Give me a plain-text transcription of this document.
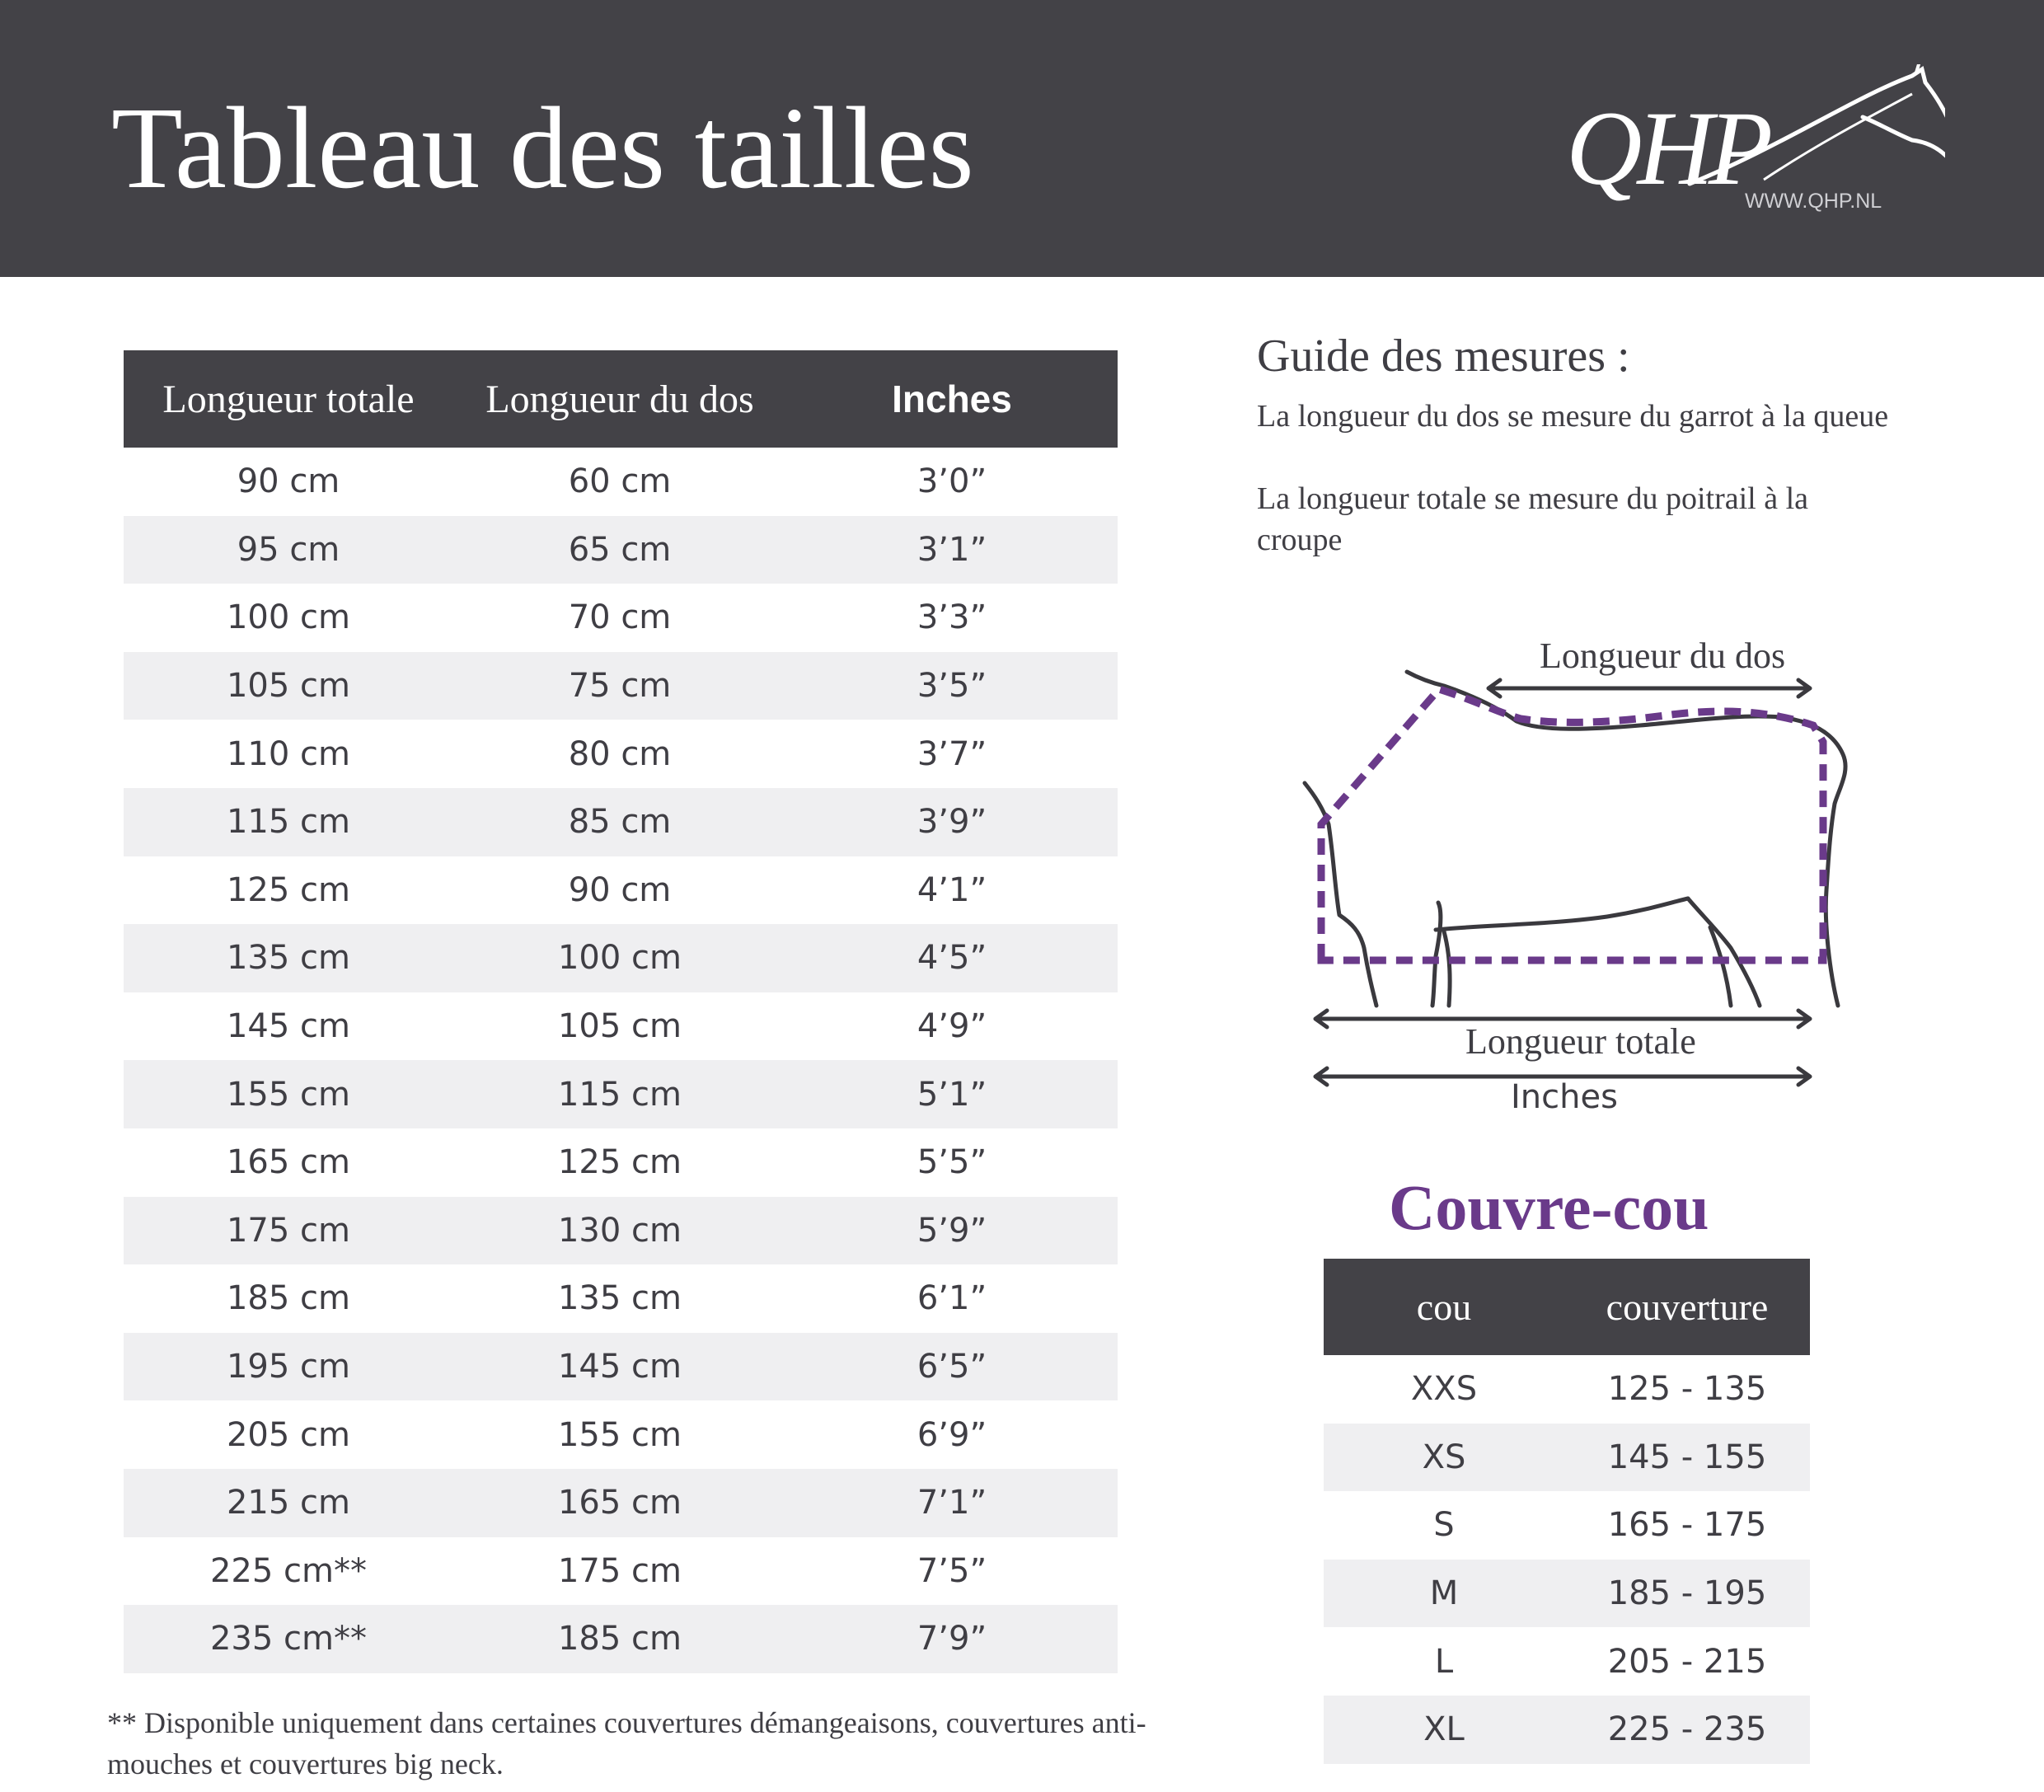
Tableau des tailles	QHP
WWW.QHP.NL
Longueur totale	Longueur du dos	Inches
90 cm	60 cm	3’0”
95 cm	65 cm	3’1”
100 cm	70 cm	3’3”
105 cm	75 cm	3’5”
110 cm	80 cm	3’7”
115 cm	85 cm	3’9”
125 cm	90 cm	4’1”
135 cm	100 cm	4’5”
145 cm	105 cm	4’9”
155 cm	115 cm	5’1”
165 cm	125 cm	5’5”
175 cm	130 cm	5’9”
185 cm	135 cm	6’1”
195 cm	145 cm	6’5”
205 cm	155 cm	6’9”
215 cm	165 cm	7’1”
225 cm**	175 cm	7’5”
235 cm**	185 cm	7’9”
** Disponible uniquement dans certaines couvertures démangeaisons, couvertures anti-mouches et couvertures big neck.
Guide des mesures :
La longueur du dos se mesure du garrot à la queue
La longueur totale se mesure du poitrail à la croupe
Longueur du dos
Longueur totale
Inches
Couvre-cou
cou	couverture
XXS	125 - 135
XS	145 - 155
S	165 - 175
M	185 - 195
L	205 - 215
XL	225 - 235
